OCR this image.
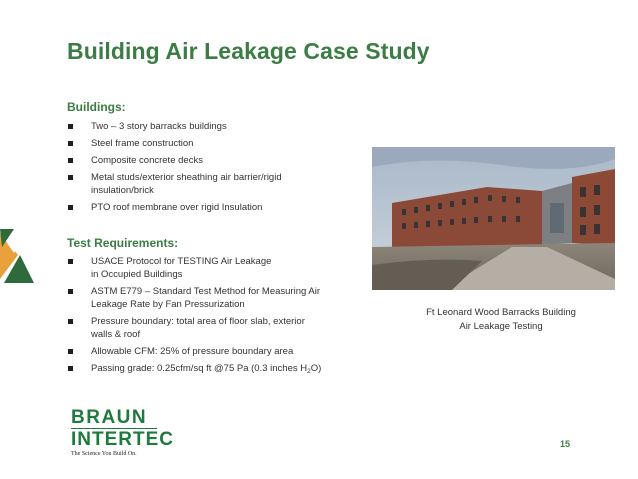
Building Air Leakage Case Study
Buildings:
Two – 3 story barracks buildings
Steel frame construction
Composite concrete decks
Metal studs/exterior sheathing air barrier/rigid insulation/brick
PTO roof membrane over rigid Insulation
Test Requirements:
USACE Protocol for TESTING Air Leakage in Occupied Buildings
ASTM E779 – Standard Test Method for Measuring Air Leakage Rate by Fan Pressurization
Pressure boundary: total area of floor slab, exterior walls & roof
Allowable CFM: 25% of pressure boundary area
Passing grade: 0.25cfm/sq ft @75 Pa (0.3 inches $H_2O$)
Ft Leonard Wood Barracks Building
Air Leakage Testing
BRAUN
INTERTEC
The Science You Build On.
15
